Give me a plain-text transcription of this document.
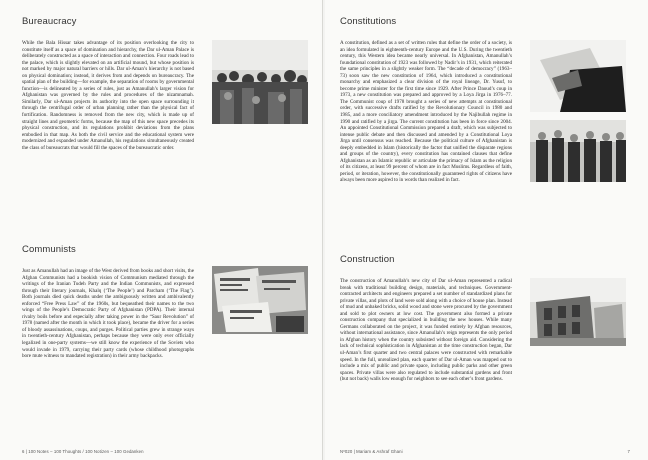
Bureaucracy

While the Bala Hissar takes advantage of its position overlooking the city to constitute itself as a space of domination and hierarchy, the Dar ul-Aman Palace is deliberately constructed as a space of interaction and connection. Four roads lead to the palace, which is slightly elevated on an artificial mound, but whose position is not marked by major natural barriers or hills. Dar ul-Aman’s hierarchy is not based on physical domination; instead, it derives from and depends on bureaucracy. The spatial plan of the building—for example, the separation of rooms by governmental function—is delineated by a series of rules, just as Amanullah’s larger vision for Afghanistan was governed by the rules and procedures of the nizamnamah. Similarly, Dar ul-Aman projects its authority into the open space surrounding it through the centrifugal order of urban planning rather than the physical fact of fortification. Randomness is removed from the new city, which is made up of straight lines and geometric forms, because the map of this new space precedes its physical construction, and its regulations prohibit deviations from the plans embodied in that map. As both the civil service and the educational system were modernized and expanded under Amanullah, his regulations simultaneously created the class of bureaucrats that would fill the spaces of the bureaucratic order.

Communists

Just as Amanullah had an image of the West derived from books and short visits, the Afghan Communists had a bookish vision of Communism mediated through the writings of the Iranian Tudeh Party and the Indian Communists, and expressed through their literary journals, Khalq (‘The People’) and Parcham (‘The Flag’). Both journals died quick deaths under the ambiguously written and ambivalently enforced “Free Press Law” of the 1960s, but bequeathed their names to the two wings of the People’s Democratic Party of Afghanistan (PDPA). Their internal rivalry boils before and especially after taking power in the “Saur Revolution” of 1978 (named after the month in which it took place), became the driver for a series of bloody assassinations, coups, and purges. Political parties grew in strange ways in twentieth-century Afghanistan, perhaps because they were only ever officially legalized in one-party systems—we still know the experience of the Soviets who would invade in 1979, carrying their party cards (whose childhood photographs bore mute witness to mandated registration) in their army backpacks.

6 | 100 Notes – 100 Thoughts / 100 Notizen – 100 Gedanken
Constitutions

A constitution, defined as a set of written rules that define the order of a society, is an idea formulated in eighteenth-century Europe and the U.S. During the twentieth century, this Western idea became nearly universal. In Afghanistan, Amanullah’s foundational constitution of 1923 was followed by Nadir’s in 1931, which reiterated the same principles in a slightly weaker form. The “decade of democracy” (1963–73) soon saw the new constitution of 1964, which introduced a constitutional monarchy and emphasized a clear division of the royal lineage, Dr. Yusuf, to become prime minister for the first time since 1929. After Prince Daoud’s coup in 1973, a new constitution was prepared and approved by a Loya Jirga in 1976–77. The Communist coup of 1978 brought a series of new attempts at constitutional order, with successive drafts ratified by the Revolutionary Council in 1980 and 1985, and a more conciliatory amendment introduced by the Najibullah regime in 1990 and ratified by a jirga. The current constitution has been in force since 2004. An appointed Constitutional Commission prepared a draft, which was subjected to intense public debate and then discussed and amended by a Constitutional Loya Jirga until consensus was reached. Because the political culture of Afghanistan is deeply embedded in Islam (historically the factor that unified the disparate regions and groups of the country), every constitution has contained clauses that define Afghanistan as an Islamic republic or articulate the primacy of Islam as the religion of its citizens, at least 99 percent of whom are in fact Muslims. Regardless of faith, period, or iteration, however, the constitutionally guaranteed rights of citizens have always been more aspired to in words than realized in fact.

Construction

The construction of Amanullah’s new city of Dar ul-Aman represented a radical break with traditional building design, materials, and techniques. Government-contracted architects and engineers prepared a set number of standardized plans for private villas, and plots of land were sold along with a choice of house plan. Instead of mud and unbaked bricks, solid wood and stone were procured by the government and sold to plot owners at low cost. The government also formed a private construction company that specialized in building the new houses. While many Germans collaborated on the project, it was funded entirely by Afghan resources, without international assistance, since Amanullah’s reign represents the only period in Afghan history when the country subsisted without foreign aid. Considering the lack of technical sophistication in Afghanistan at the time construction began, Dar ul-Aman’s first quarter and two central palaces were constructed with remarkable speed. In the full, unrealized plan, each quarter of Dar ul-Aman was mapped out to include a mix of public and private space, including public parks and other green spaces. Private villas were also regulated to include substantial gardens and front (but not back) walls low enough for neighbors to see each other’s front gardens.

Nº020 | Mariam & Ashraf Ghani	7
